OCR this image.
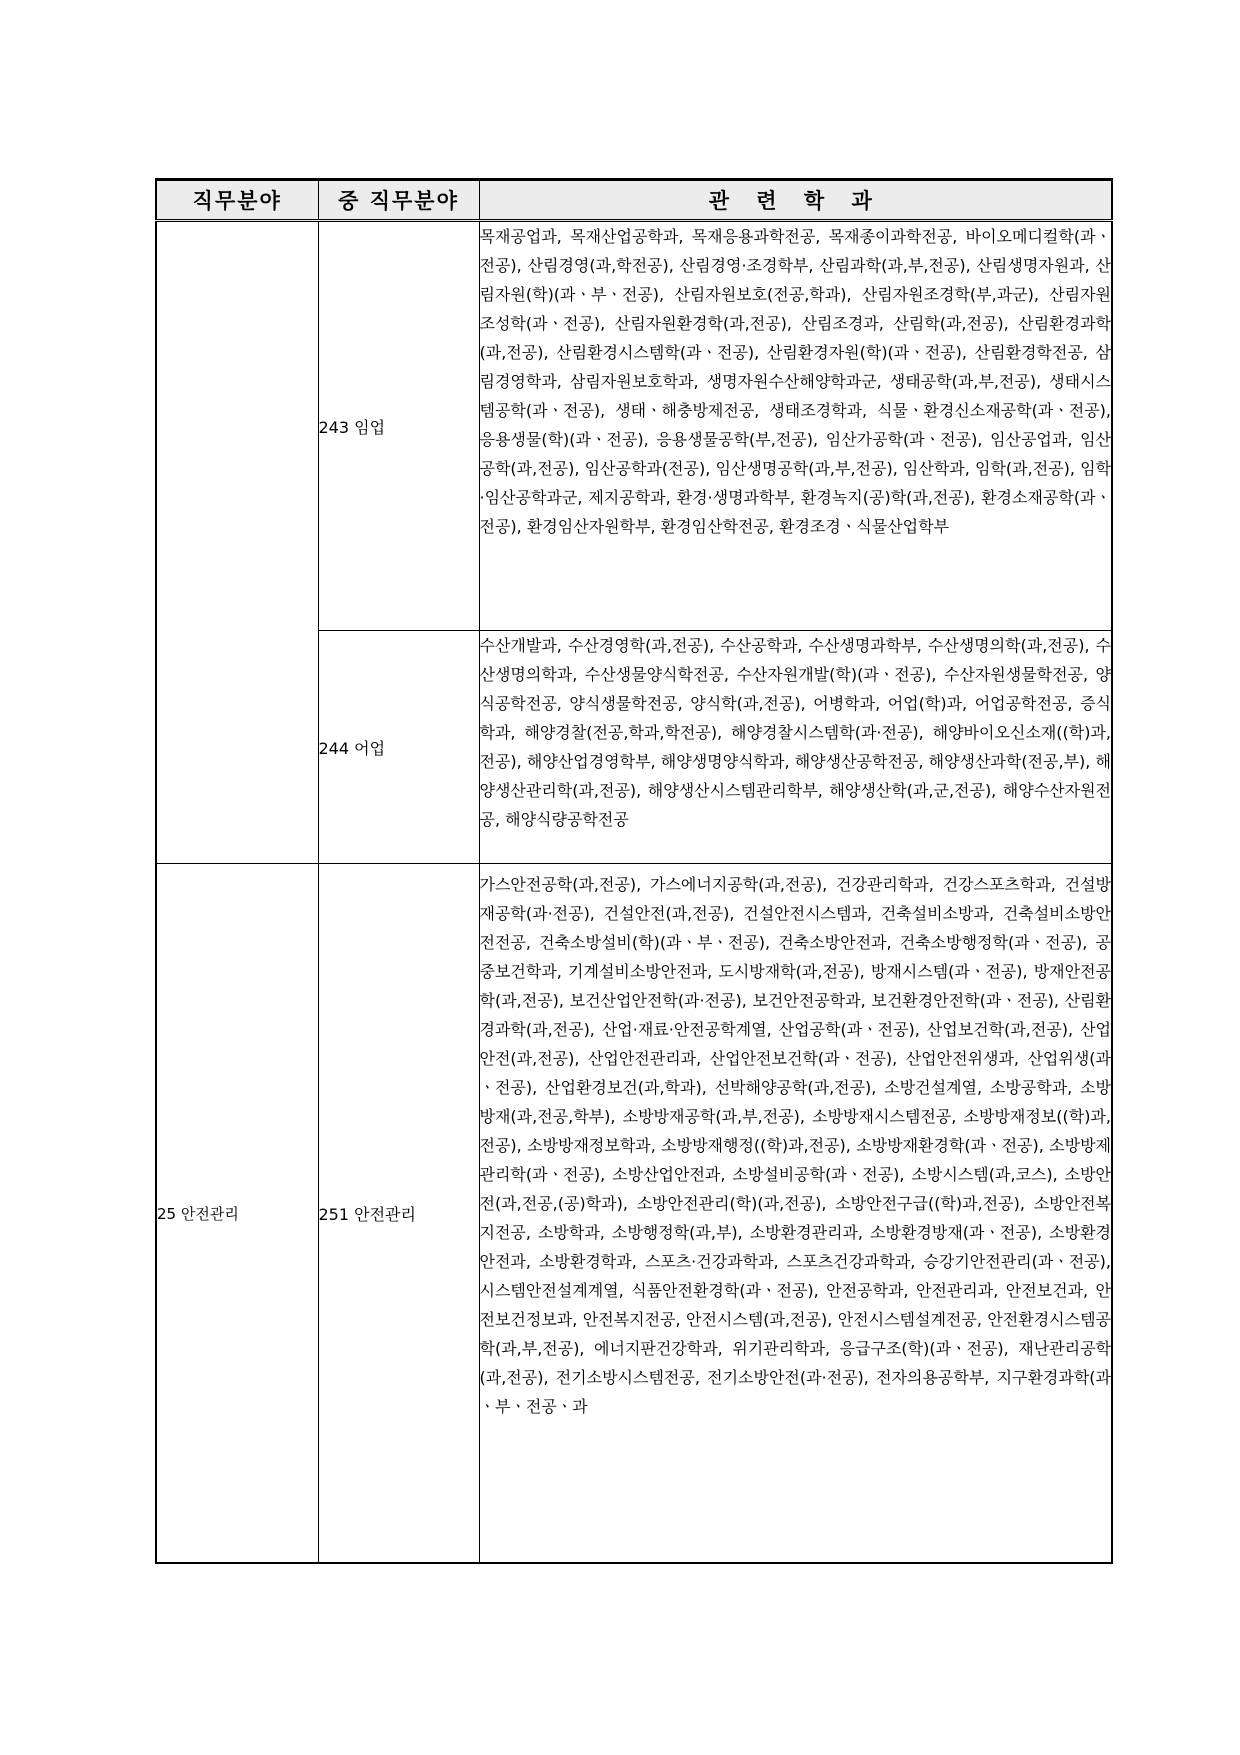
직무분야	중 직무분야	관 련 학 과
	243 임업	목재공업과, 목재산업공학과, 목재응용과학전공, 목재종이과학전공, 바이오메디컬학(과ㆍ전공), 산림경영(과,학전공), 산림경영·조경학부, 산림과학(과,부,전공), 산림생명자원과, 산림자원(학)(과ㆍ부ㆍ전공), 산림자원보호(전공,학과), 산림자원조경학(부,과군), 산림자원조성학(과ㆍ전공), 산림자원환경학(과,전공), 산림조경과, 산림학(과,전공), 산림환경과학(과,전공), 산림환경시스템학(과ㆍ전공), 산림환경자원(학)(과ㆍ전공), 산림환경학전공, 삼림경영학과, 삼림자원보호학과, 생명자원수산해양학과군, 생태공학(과,부,전공), 생태시스템공학(과ㆍ전공), 생태ㆍ해충방제전공, 생태조경학과, 식물ㆍ환경신소재공학(과ㆍ전공), 응용생물(학)(과ㆍ전공), 응용생물공학(부,전공), 임산가공학(과ㆍ전공), 임산공업과, 임산공학(과,전공), 임산공학과(전공), 임산생명공학(과,부,전공), 임산학과, 임학(과,전공), 임학·임산공학과군, 제지공학과, 환경·생명과학부, 환경녹지(공)학(과,전공), 환경소재공학(과ㆍ전공), 환경임산자원학부, 환경임산학전공, 환경조경ㆍ식물산업학부
	244 어업	수산개발과, 수산경영학(과,전공), 수산공학과, 수산생명과학부, 수산생명의학(과,전공), 수산생명의학과, 수산생물양식학전공, 수산자원개발(학)(과ㆍ전공), 수산자원생물학전공, 양식공학전공, 양식생물학전공, 양식학(과,전공), 어병학과, 어업(학)과, 어업공학전공, 증식학과, 해양경찰(전공,학과,학전공), 해양경찰시스템학(과·전공), 해양바이오신소재((학)과, 전공), 해양산업경영학부, 해양생명양식학과, 해양생산공학전공, 해양생산과학(전공,부), 해양생산관리학(과,전공), 해양생산시스템관리학부, 해양생산학(과,군,전공), 해양수산자원전공, 해양식량공학전공
25 안전관리	251 안전관리	가스안전공학(과,전공), 가스에너지공학(과,전공), 건강관리학과, 건강스포츠학과, 건설방재공학(과·전공), 건설안전(과,전공), 건설안전시스템과, 건축설비소방과, 건축설비소방안전전공, 건축소방설비(학)(과ㆍ부ㆍ전공), 건축소방안전과, 건축소방행정학(과ㆍ전공), 공중보건학과, 기계설비소방안전과, 도시방재학(과,전공), 방재시스템(과ㆍ전공), 방재안전공학(과,전공), 보건산업안전학(과·전공), 보건안전공학과, 보건환경안전학(과ㆍ전공), 산림환경과학(과,전공), 산업·재료·안전공학계열, 산업공학(과ㆍ전공), 산업보건학(과,전공), 산업안전(과,전공), 산업안전관리과, 산업안전보건학(과ㆍ전공), 산업안전위생과, 산업위생(과ㆍ전공), 산업환경보건(과,학과), 선박해양공학(과,전공), 소방건설계열, 소방공학과, 소방방재(과,전공,학부), 소방방재공학(과,부,전공), 소방방재시스템전공, 소방방재정보((학)과,전공), 소방방재정보학과, 소방방재행정((학)과,전공), 소방방재환경학(과ㆍ전공), 소방방제관리학(과ㆍ전공), 소방산업안전과, 소방설비공학(과ㆍ전공), 소방시스템(과,코스), 소방안전(과,전공,(공)학과), 소방안전관리(학)(과,전공), 소방안전구급((학)과,전공), 소방안전복지전공, 소방학과, 소방행정학(과,부), 소방환경관리과, 소방환경방재(과ㆍ전공), 소방환경안전과, 소방환경학과, 스포츠·건강과학과, 스포츠건강과학과, 승강기안전관리(과ㆍ전공), 시스템안전설계계열, 식품안전환경학(과ㆍ전공), 안전공학과, 안전관리과, 안전보건과, 안전보건정보과, 안전복지전공, 안전시스템(과,전공), 안전시스템설계전공, 안전환경시스템공학(과,부,전공), 에너지판건강학과, 위기관리학과, 응급구조(학)(과ㆍ전공), 재난관리공학(과,전공), 전기소방시스템전공, 전기소방안전(과·전공), 전자의용공학부, 지구환경과학(과ㆍ부ㆍ전공ㆍ과
